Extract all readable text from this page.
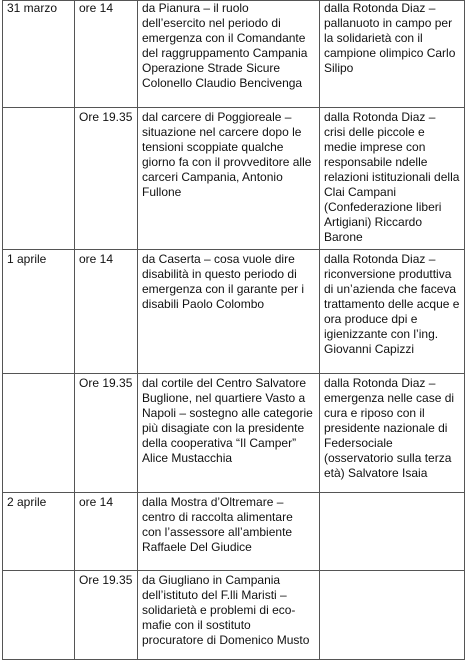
31 marzo	ore 14	da Pianura – il ruolo dell’esercito nel periodo di emergenza con il Comandante del raggruppamento Campania Operazione Strade Sicure Colonello Claudio Bencivenga	dalla Rotonda Diaz – pallanuoto in campo per la solidarietà con il campione olimpico Carlo Silipo
	Ore 19.35	dal carcere di Poggioreale – situazione nel carcere dopo le tensioni scoppiate qualche giorno fa con il provveditore alle carceri Campania, Antonio Fullone	dalla Rotonda Diaz – crisi delle piccole e medie imprese con responsabile ndelle relazioni istituzionali della Clai Campani (Confederazione liberi Artigiani) Riccardo Barone
1 aprile	ore 14	da Caserta – cosa vuole dire disabilità in questo periodo di emergenza con il garante per i disabili Paolo Colombo	dalla Rotonda Diaz – riconversione produttiva di un’azienda che faceva trattamento delle acque e ora produce dpi e igienizzante con l’ing. Giovanni Capizzi
	Ore 19.35	dal cortile del Centro Salvatore Buglione, nel quartiere Vasto a Napoli – sostegno alle categorie più disagiate con la presidente della cooperativa “Il Camper” Alice Mustacchia	dalla Rotonda Diaz – emergenza nelle case di cura e riposo con il presidente nazionale di Federsociale (osservatorio sulla terza età) Salvatore Isaia
2 aprile	ore 14	dalla Mostra d’Oltremare – centro di raccolta alimentare con l’assessore all’ambiente Raffaele Del Giudice	
	Ore 19.35	da Giugliano in Campania dell’istituto del F.lli Maristi – solidarietà e problemi di eco-mafie con il sostituto procuratore di Domenico Musto	
